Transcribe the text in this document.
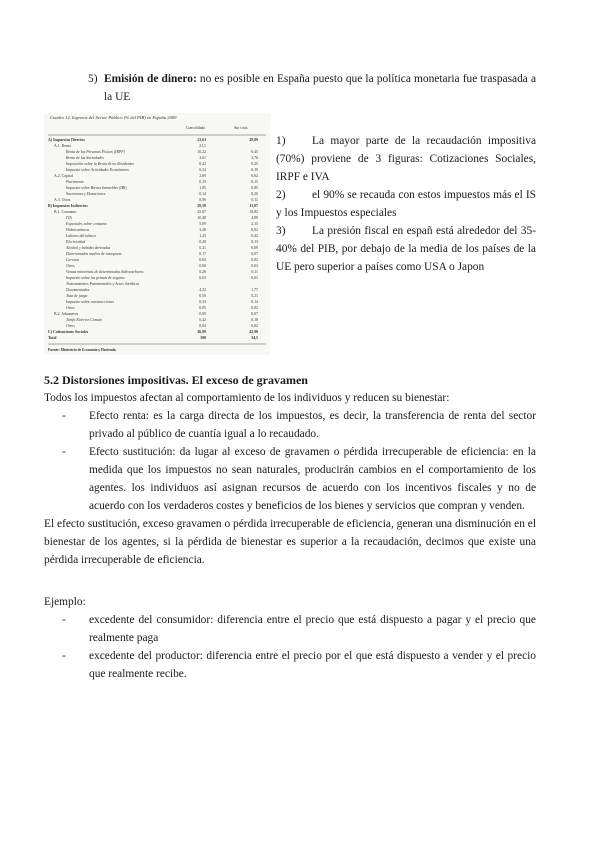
5) Emisión de dinero: no es posible en España puesto que la política monetaria fue traspasada a la UE
Cuadro 12. Ingresos del Sector Público (% del PIB) en España 2009
Consolidado	Sin cotiz.
A) Impuestos Directos	23,63	29,89
A.1. Renta	21,1
Renta de las Personas Físicas (IRPF)	10,22	6,45
Renta de las Sociedades	2,61	3,76
Imposición sobre la Renta de no Residentes	0,42	0,25
Impuesto sobre Actividades Económicas	0,24	0,19
A.2. Capital	2,69	0,62
Patrimonio	0,15	0,15
Impuesto sobre Bienes Inmuebles (IBI)	1,05	0,85
Sucesiones y Donaciones	0,14	0,26
A.3. Otros	0,36	0,11
B) Impuestos Indirectos	29,59	11,87
B.1. Consumo	25,87	10,82
IVA	10,48	4,89
Especiales sobre consumo	5,09	2,15
Hidrocarburos	3,28	0,92
Labores del tabaco	1,23	0,42
Electricidad	0,28	0,13
Alcohol y bebidas derivadas	0,21	0,09
Determinados medios de transporte	0,17	0,07
Cerveza	0,04	0,02
Otros	0,06	0,03
Ventas minoristas de determinados hidrocarburos	0,26	0,11
Impuesto sobre las primas de seguros	0,03	0,01
Transmisiones Patrimoniales y Actos Jurídicos
Documentados	4,22	1,77
Tasa de juego	0,50	0,21
Impuesto sobre construcciones	0,33	0,14
Otros	0,05	0,02
B.2. Aduaneros	0,09	0,07
Tarifa Exterior Común	0,42	0,18
Otros	0,04	0,02
C) Cotizaciones Sociales	36,89	43,90
Total	100	34,5
Fuente: Ministerio de Economía y Hacienda.
1)	La mayor parte de la recaudación impositiva (70%) proviene de 3 figuras: Cotizaciones Sociales, IRPF e IVA
2)	el 90% se recauda con estos impuestos más el IS y los Impuestos especiales
3)	La presión fiscal en españ está alrededor del 35-40% del PIB, por debajo de la media de los países de la UE pero superior a países como USA o Japon
5.2 Distorsiones impositivas. El exceso de gravamen
Todos los impuestos afectan al comportamiento de los individuos y reducen su bienestar:
- Efecto renta: es la carga directa de los impuestos, es decir, la transferencia de renta del sector privado al público de cuantía igual a lo recaudado.
- Efecto sustitución: da lugar al exceso de gravamen o pérdida irrecuperable de eficiencia: en la medida que los impuestos no sean naturales, producirán cambios en el comportamiento de los agentes. los individuos así asignan recursos de acuerdo con los incentivos fiscales y no de acuerdo con los verdaderos costes y beneficios de los bienes y servicios que compran y venden.
El efecto sustitución, exceso gravamen o pérdida irrecuperable de eficiencia, generan una disminución en el bienestar de los agentes, si la pérdida de bienestar es superior a la recaudación, decimos que existe una pérdida irrecuperable de eficiencia.
Ejemplo:
- excedente del consumidor: diferencia entre el precio que está dispuesto a pagar y el precio que realmente paga
- excedente del productor: diferencia entre el precio por el que está dispuesto a vender y el precio que realmente recibe.
